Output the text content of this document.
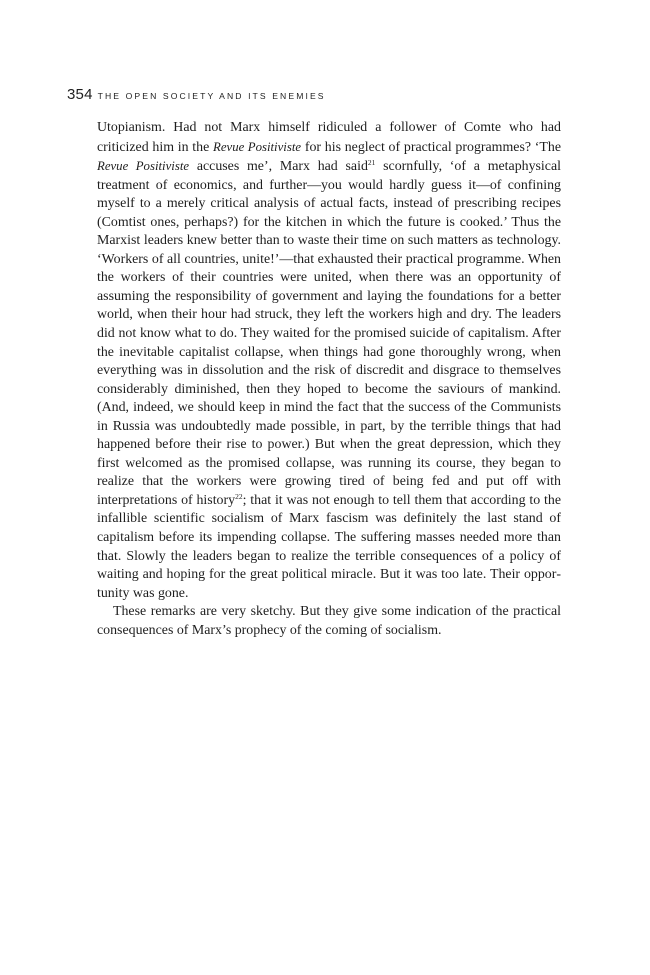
354 THE OPEN SOCIETY AND ITS ENEMIES

Utopianism. Had not Marx himself ridiculed a follower of Comte who had criticized him in the Revue Positiviste for his neglect of practical programmes? ‘The Revue Positiviste accuses me’, Marx had said$^{21}$ scornfully, ‘of a metaphysical treatment of economics, and further—you would hardly guess it—of confining myself to a merely critical analysis of actual facts, instead of prescribing recipes (Comtist ones, perhaps?) for the kitchen in which the future is cooked.’ Thus the Marxist leaders knew better than to waste their time on such matters as technology. ‘Workers of all countries, unite!’—that exhausted their practical programme. When the workers of their countries were united, when there was an opportunity of assuming the responsibility of government and laying the foundations for a better world, when their hour had struck, they left the workers high and dry. The leaders did not know what to do. They waited for the promised suicide of capitalism. After the inevitable capitalist collapse, when things had gone thoroughly wrong, when everything was in dissolution and the risk of discredit and disgrace to themselves considerably diminished, then they hoped to become the saviours of mankind. (And, indeed, we should keep in mind the fact that the success of the Communists in Russia was undoubtedly made possible, in part, by the terrible things that had happened before their rise to power.) But when the great depression, which they first welcomed as the promised collapse, was running its course, they began to realize that the workers were growing tired of being fed and put off with interpretations of history$^{22}$; that it was not enough to tell them that according to the infallible scientific socialism of Marx fascism was definitely the last stand of capitalism before its impending collapse. The suffering masses needed more than that. Slowly the leaders began to realize the terrible consequences of a policy of waiting and hoping for the great political miracle. But it was too late. Their opportunity was gone.

These remarks are very sketchy. But they give some indication of the practical consequences of Marx’s prophecy of the coming of socialism.
